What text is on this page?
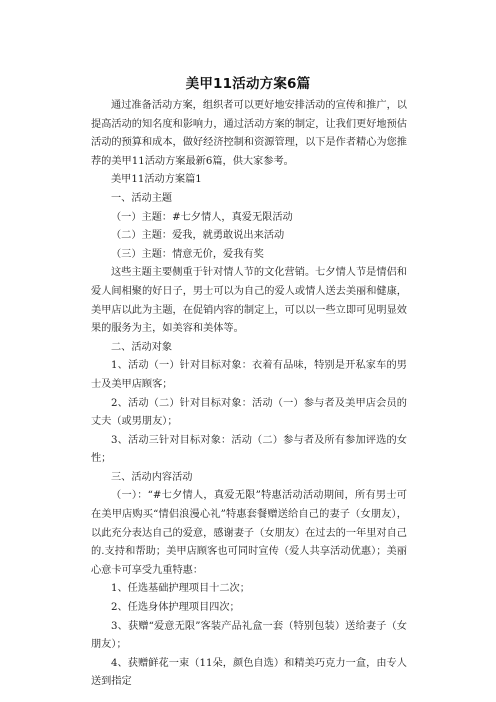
美甲11活动方案6篇

通过准备活动方案，组织者可以更好地安排活动的宣传和推广，以提高活动的知名度和影响力，通过活动方案的制定，让我们更好地预估活动的预算和成本，做好经济控制和资源管理，以下是作者精心为您推荐的美甲11活动方案最新6篇，供大家参考。

美甲11活动方案篇1

一、活动主题

（一）主题：#七夕情人，真爱无限活动

（二）主题：爱我，就勇敢说出来活动

（三）主题：情意无价，爱我有奖

这些主题主要侧重于针对情人节的文化营销。七夕情人节是情侣和爱人间相聚的好日子，男士可以为自己的爱人或情人送去美丽和健康，美甲店以此为主题，在促销内容的制定上，可以以一些立即可见明显效果的服务为主，如美容和美体等。

二、活动对象

1、活动（一）针对目标对象：衣着有品味，特别是开私家车的男士及美甲店顾客；

2、活动（二）针对目标对象：活动（一）参与者及美甲店会员的丈夫（或男朋友）；

3、活动三针对目标对象：活动（二）参与者及所有参加评选的女性；

三、活动内容活动

（一）：“#七夕情人，真爱无限”特惠活动活动期间，所有男士可在美甲店购买“情侣浪漫心礼”特惠套餐赠送给自己的妻子（女朋友），以此充分表达自己的爱意，感谢妻子（女朋友）在过去的一年里对自己的.支持和帮助；美甲店顾客也可同时宣传（爱人共享活动优惠）；美丽心意卡可享受九重特惠：

1、任选基础护理项目十二次；

2、任选身体护理项目四次；

3、获赠“爱意无限”客装产品礼盒一套（特别包装）送给妻子（女朋友）；

4、获赠鲜花一束（11朵，颜色自选）和精美巧克力一盒，由专人送到指定
